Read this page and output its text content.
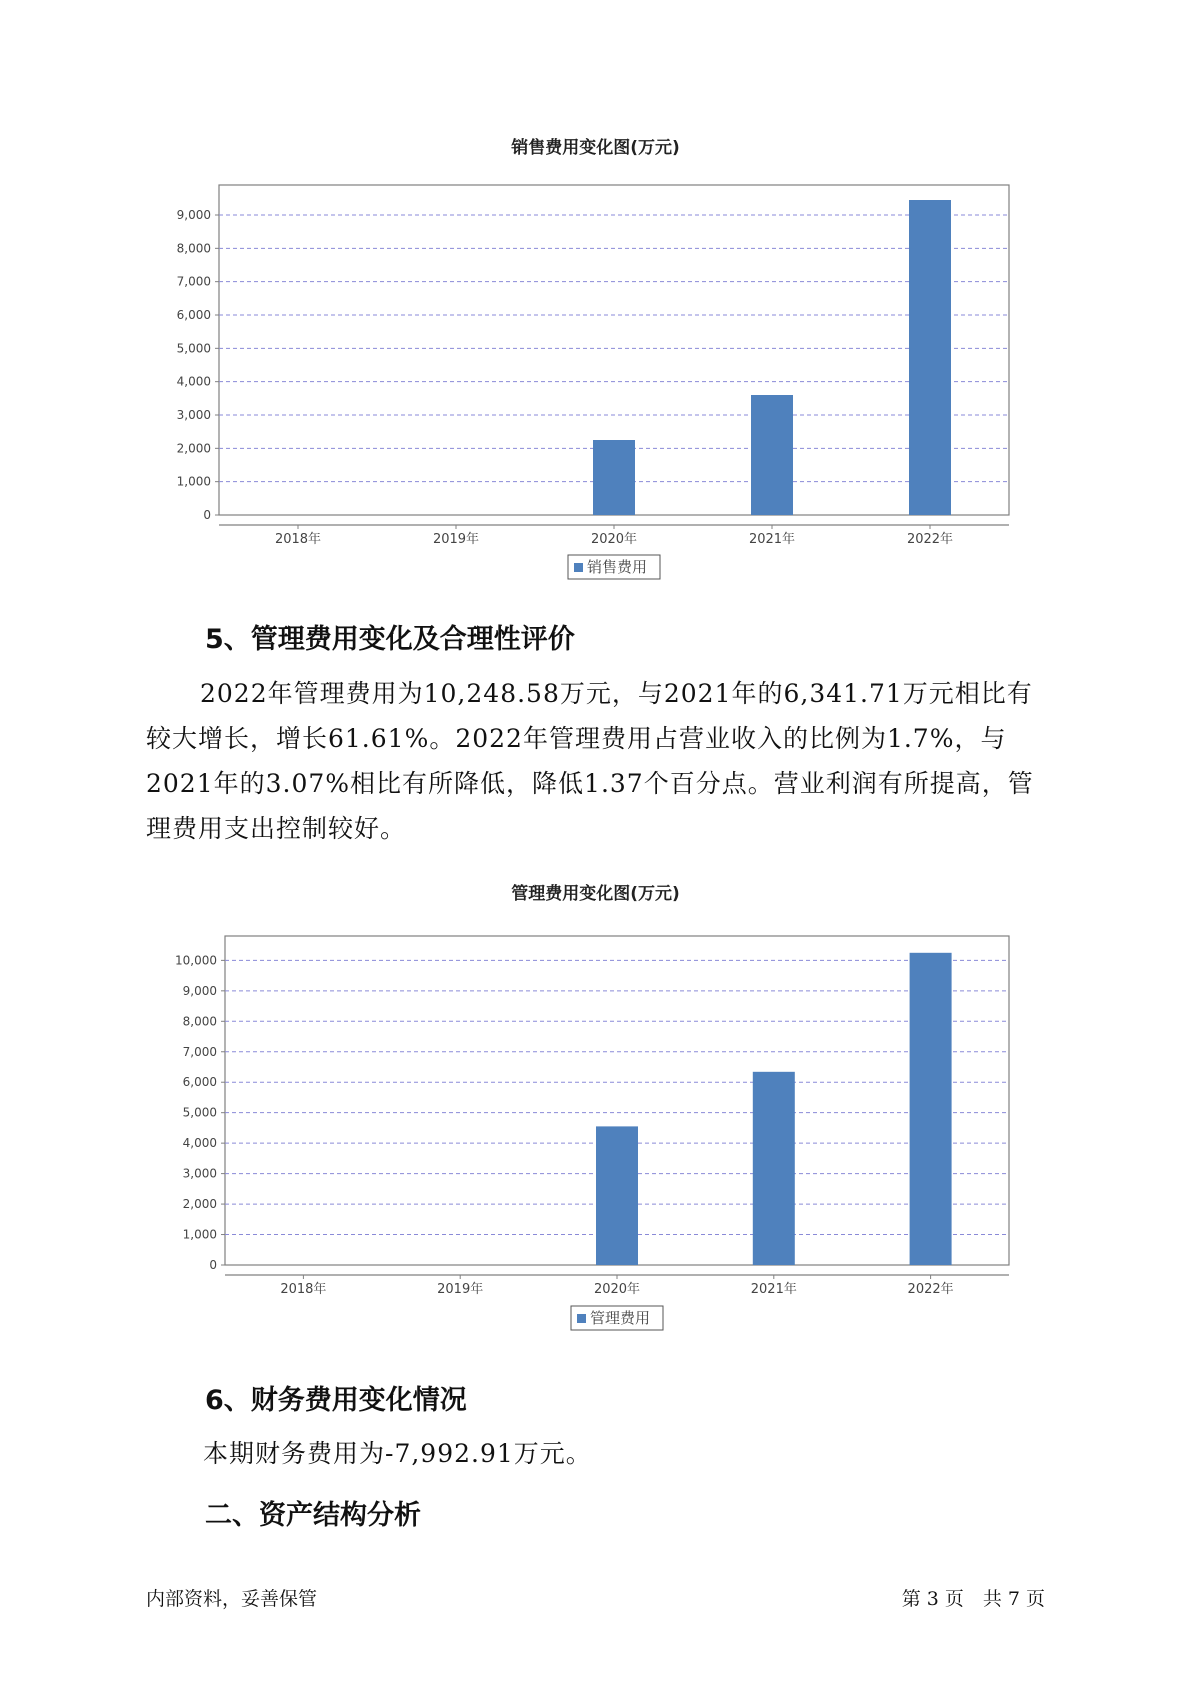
销售费用变化图(万元)
0
1,000
2,000
3,000
4,000
5,000
6,000
7,000
8,000
9,000
2018年	2019年	2020年	2021年	2022年
销售费用
5、管理费用变化及合理性评价

2022年管理费用为10,248.58万元，与2021年的6,341.71万元相比有较大增长，增长61.61%。2022年管理费用占营业收入的比例为1.7%，与2021年的3.07%相比有所降低，降低1.37个百分点。营业利润有所提高，管理费用支出控制较好。

管理费用变化图(万元)
0
1,000
2,000
3,000
4,000
5,000
6,000
7,000
8,000
9,000
10,000
2018年	2019年	2020年	2021年	2022年
管理费用
6、财务费用变化情况

本期财务费用为-7,992.91万元。

二、资产结构分析
内部资料，妥善保管	第 3 页　共 7 页
